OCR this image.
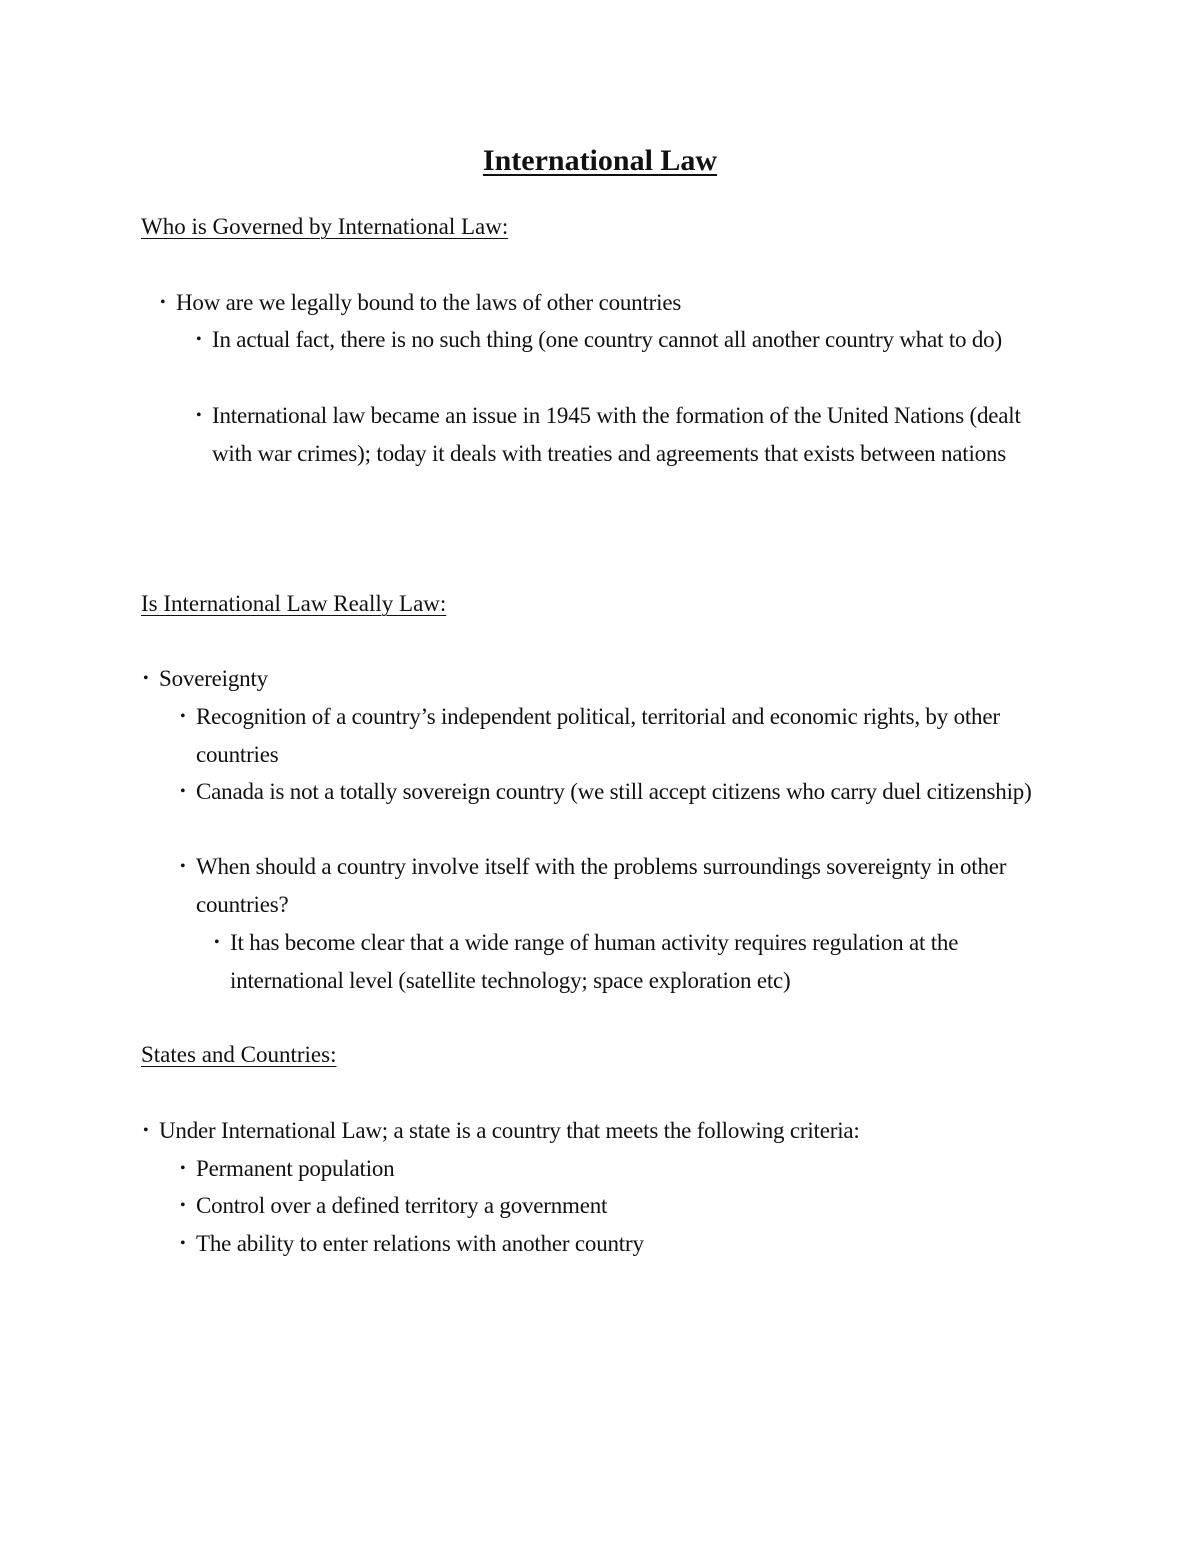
International Law
Who is Governed by International Law:
• How are we legally bound to the laws of other countries
• In actual fact, there is no such thing (one country cannot all another country what to do)
• International law became an issue in 1945 with the formation of the United Nations (dealt with war crimes); today it deals with treaties and agreements that exists between nations
Is International Law Really Law:
• Sovereignty
• Recognition of a country’s independent political, territorial and economic rights, by other countries
• Canada is not a totally sovereign country (we still accept citizens who carry duel citizenship)
• When should a country involve itself with the problems surroundings sovereignty in other countries?
• It has become clear that a wide range of human activity requires regulation at the international level (satellite technology; space exploration etc)
States and Countries:
• Under International Law; a state is a country that meets the following criteria:
• Permanent population
• Control over a defined territory a government
• The ability to enter relations with another country
